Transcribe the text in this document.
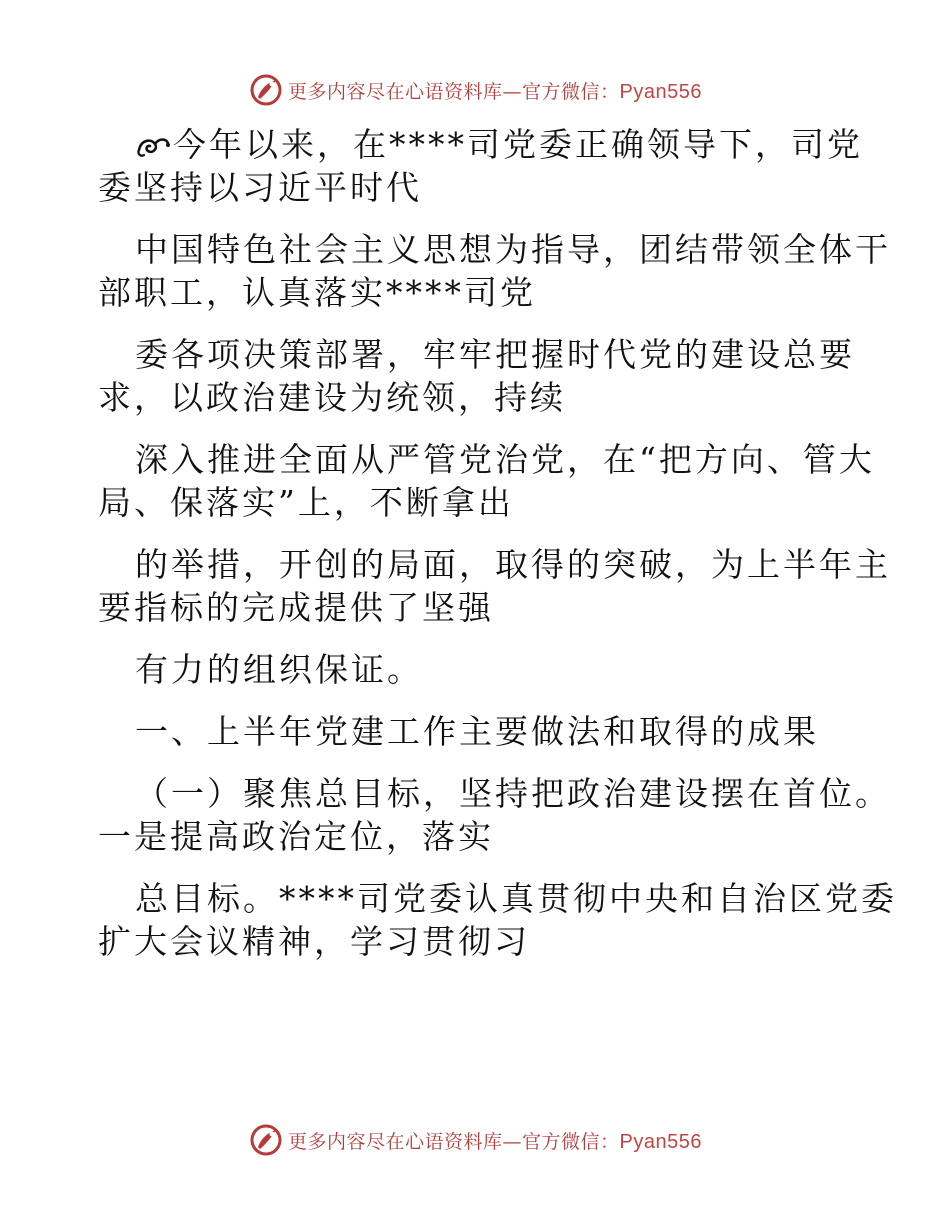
更多内容尽在心语资料库—官方微信：Pyan556
今年以来，在****司党委正确领导下，司党
委坚持以习近平时代
中国特色社会主义思想为指导，团结带领全体干
部职工，认真落实****司党
委各项决策部署，牢牢把握时代党的建设总要
求，以政治建设为统领，持续
深入推进全面从严管党治党，在“把方向、管大
局、保落实”上，不断拿出
的举措，开创的局面，取得的突破，为上半年主
要指标的完成提供了坚强
有力的组织保证。
一、上半年党建工作主要做法和取得的成果
（一）聚焦总目标，坚持把政治建设摆在首位。
一是提高政治定位，落实
总目标。****司党委认真贯彻中央和自治区党委
扩大会议精神，学习贯彻习
更多内容尽在心语资料库—官方微信：Pyan556
